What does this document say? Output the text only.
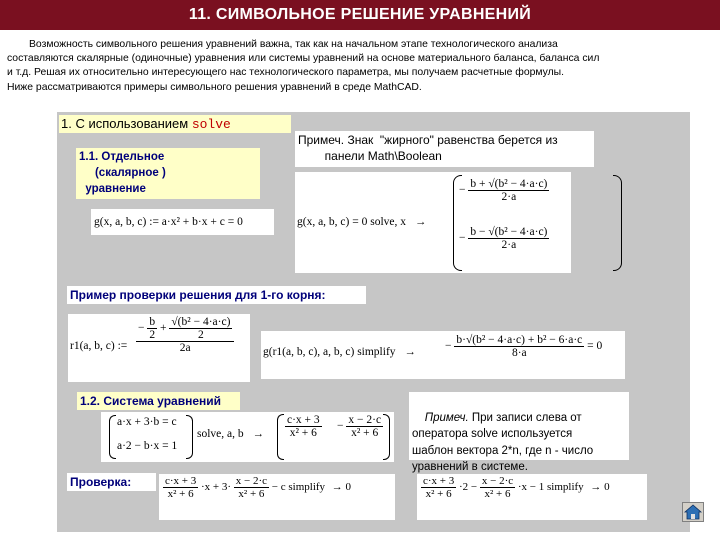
11. СИМВОЛЬНОЕ РЕШЕНИЕ УРАВНЕНИЙ

Возможность символьного решения уравнений важна, так как на начальном этапе технологического анализа

составляются скалярные (одиночные) уравнения или системы уравнений на основе материального баланса, баланса сил

и т.д. Решая их относительно интересующего нас технологического параметра, мы получаем расчетные формулы.

Ниже рассматриваются примеры символьного решения уравнений в среде MathCAD.

1. С использованием solve
Примеч. Знак  "жирного" равенства берется из
панели Math\Boolean
1.1. Отдельное
(скалярное )
уравнение
g(x, a, b, c) := a·x² + b·x + c = 0	g(x, a, b, c) = 0 solve, x →
− $\frac{\text{b + √(b² − 4·a·c)}}{2\cdot a}$
− $\frac{\text{b − √(b² − 4·a·c)}}{2\cdot a}$
Пример проверки решения для 1-го корня:
r1(a, b, c) := $\frac{- \frac{b}{2} + \frac{\text{√(b² − 4·a·c)}}{2}}{2a} g(r1(a$, b, c), a, b, c) simplify →	− $\frac{\text{b·√(b² − 4·a·c) + b² − 6·a·c}}{8\cdot a} = 0$
1.2. Система уравнений

Примеч. При записи слева от
оператора solve используется
шаблон вектора 2*n, где n - число
уравнений в системе.

a·x + 3·b = c
a·2 − b·x = 1
solve, a, $b \to \frac{c\cdot x + 3}{\text{x² + 6}} - \frac{x - 2\cdot c}{\text{x² + 6}}$
Проверка:	$\frac{c\cdot x + 3}{\text{x² + 6}} \cdot x + 3\cdot \frac{x - 2\cdot c}{\text{x² + 6}} - c$ simplify → 0	$\frac{c\cdot x + 3}{\text{x² + 6}} \cdot 2 - \frac{x - 2\cdot c}{\text{x² + 6}} \cdot x - 1$ simplify → 0
